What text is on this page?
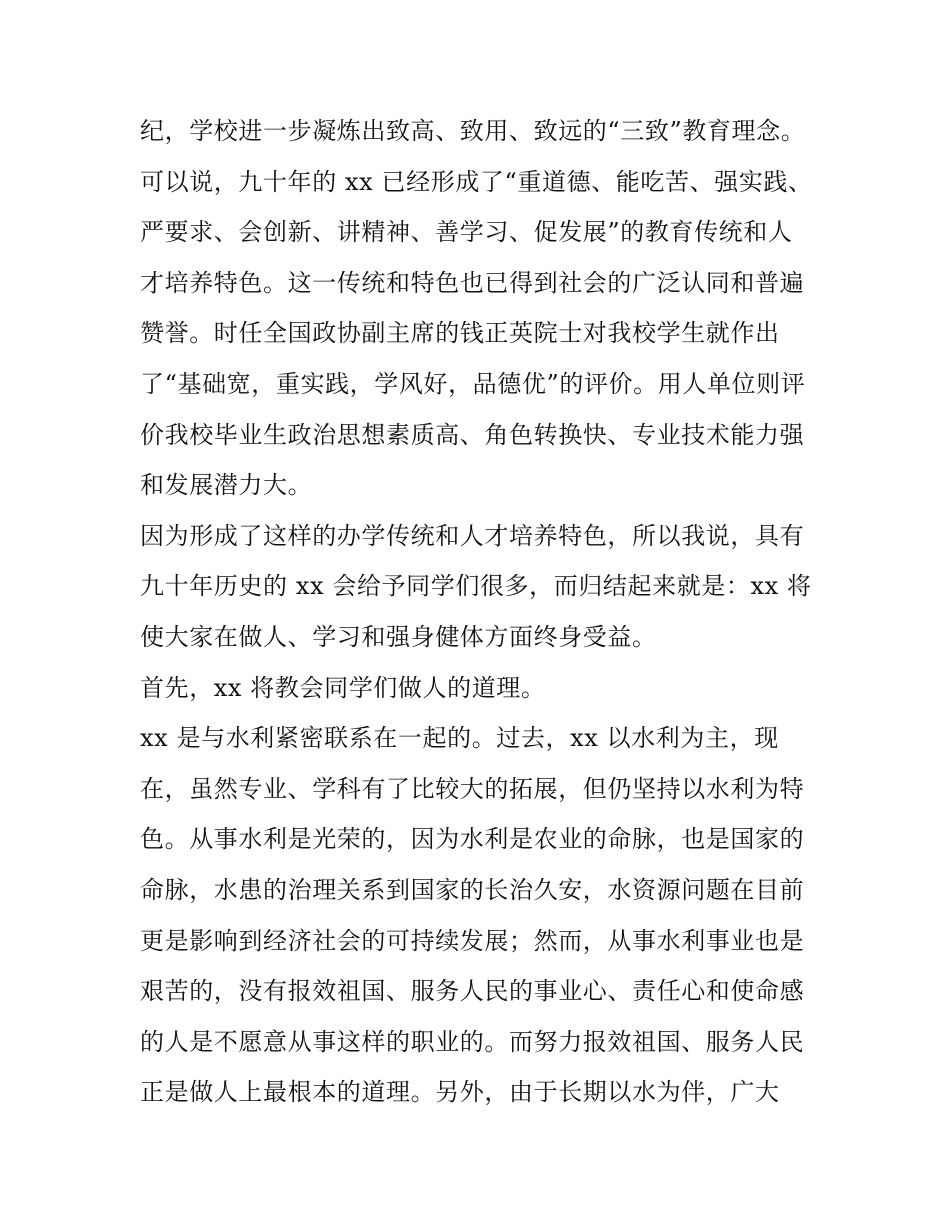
纪，学校进一步凝炼出致高、致用、致远的“三致”教育理念。
可以说，九十年的 xx 已经形成了“重道德、能吃苦、强实践、
严要求、会创新、讲精神、善学习、促发展”的教育传统和人
才培养特色。这一传统和特色也已得到社会的广泛认同和普遍
赞誉。时任全国政协副主席的钱正英院士对我校学生就作出
了“基础宽，重实践，学风好，品德优”的评价。用人单位则评
价我校毕业生政治思想素质高、角色转换快、专业技术能力强
和发展潜力大。
因为形成了这样的办学传统和人才培养特色，所以我说，具有
九十年历史的 xx 会给予同学们很多，而归结起来就是：xx 将
使大家在做人、学习和强身健体方面终身受益。
首先，xx 将教会同学们做人的道理。
xx 是与水利紧密联系在一起的。过去，xx 以水利为主，现
在，虽然专业、学科有了比较大的拓展，但仍坚持以水利为特
色。从事水利是光荣的，因为水利是农业的命脉，也是国家的
命脉，水患的治理关系到国家的长治久安，水资源问题在目前
更是影响到经济社会的可持续发展；然而，从事水利事业也是
艰苦的，没有报效祖国、服务人民的事业心、责任心和使命感
的人是不愿意从事这样的职业的。而努力报效祖国、服务人民
正是做人上最根本的道理。另外，由于长期以水为伴，广大
